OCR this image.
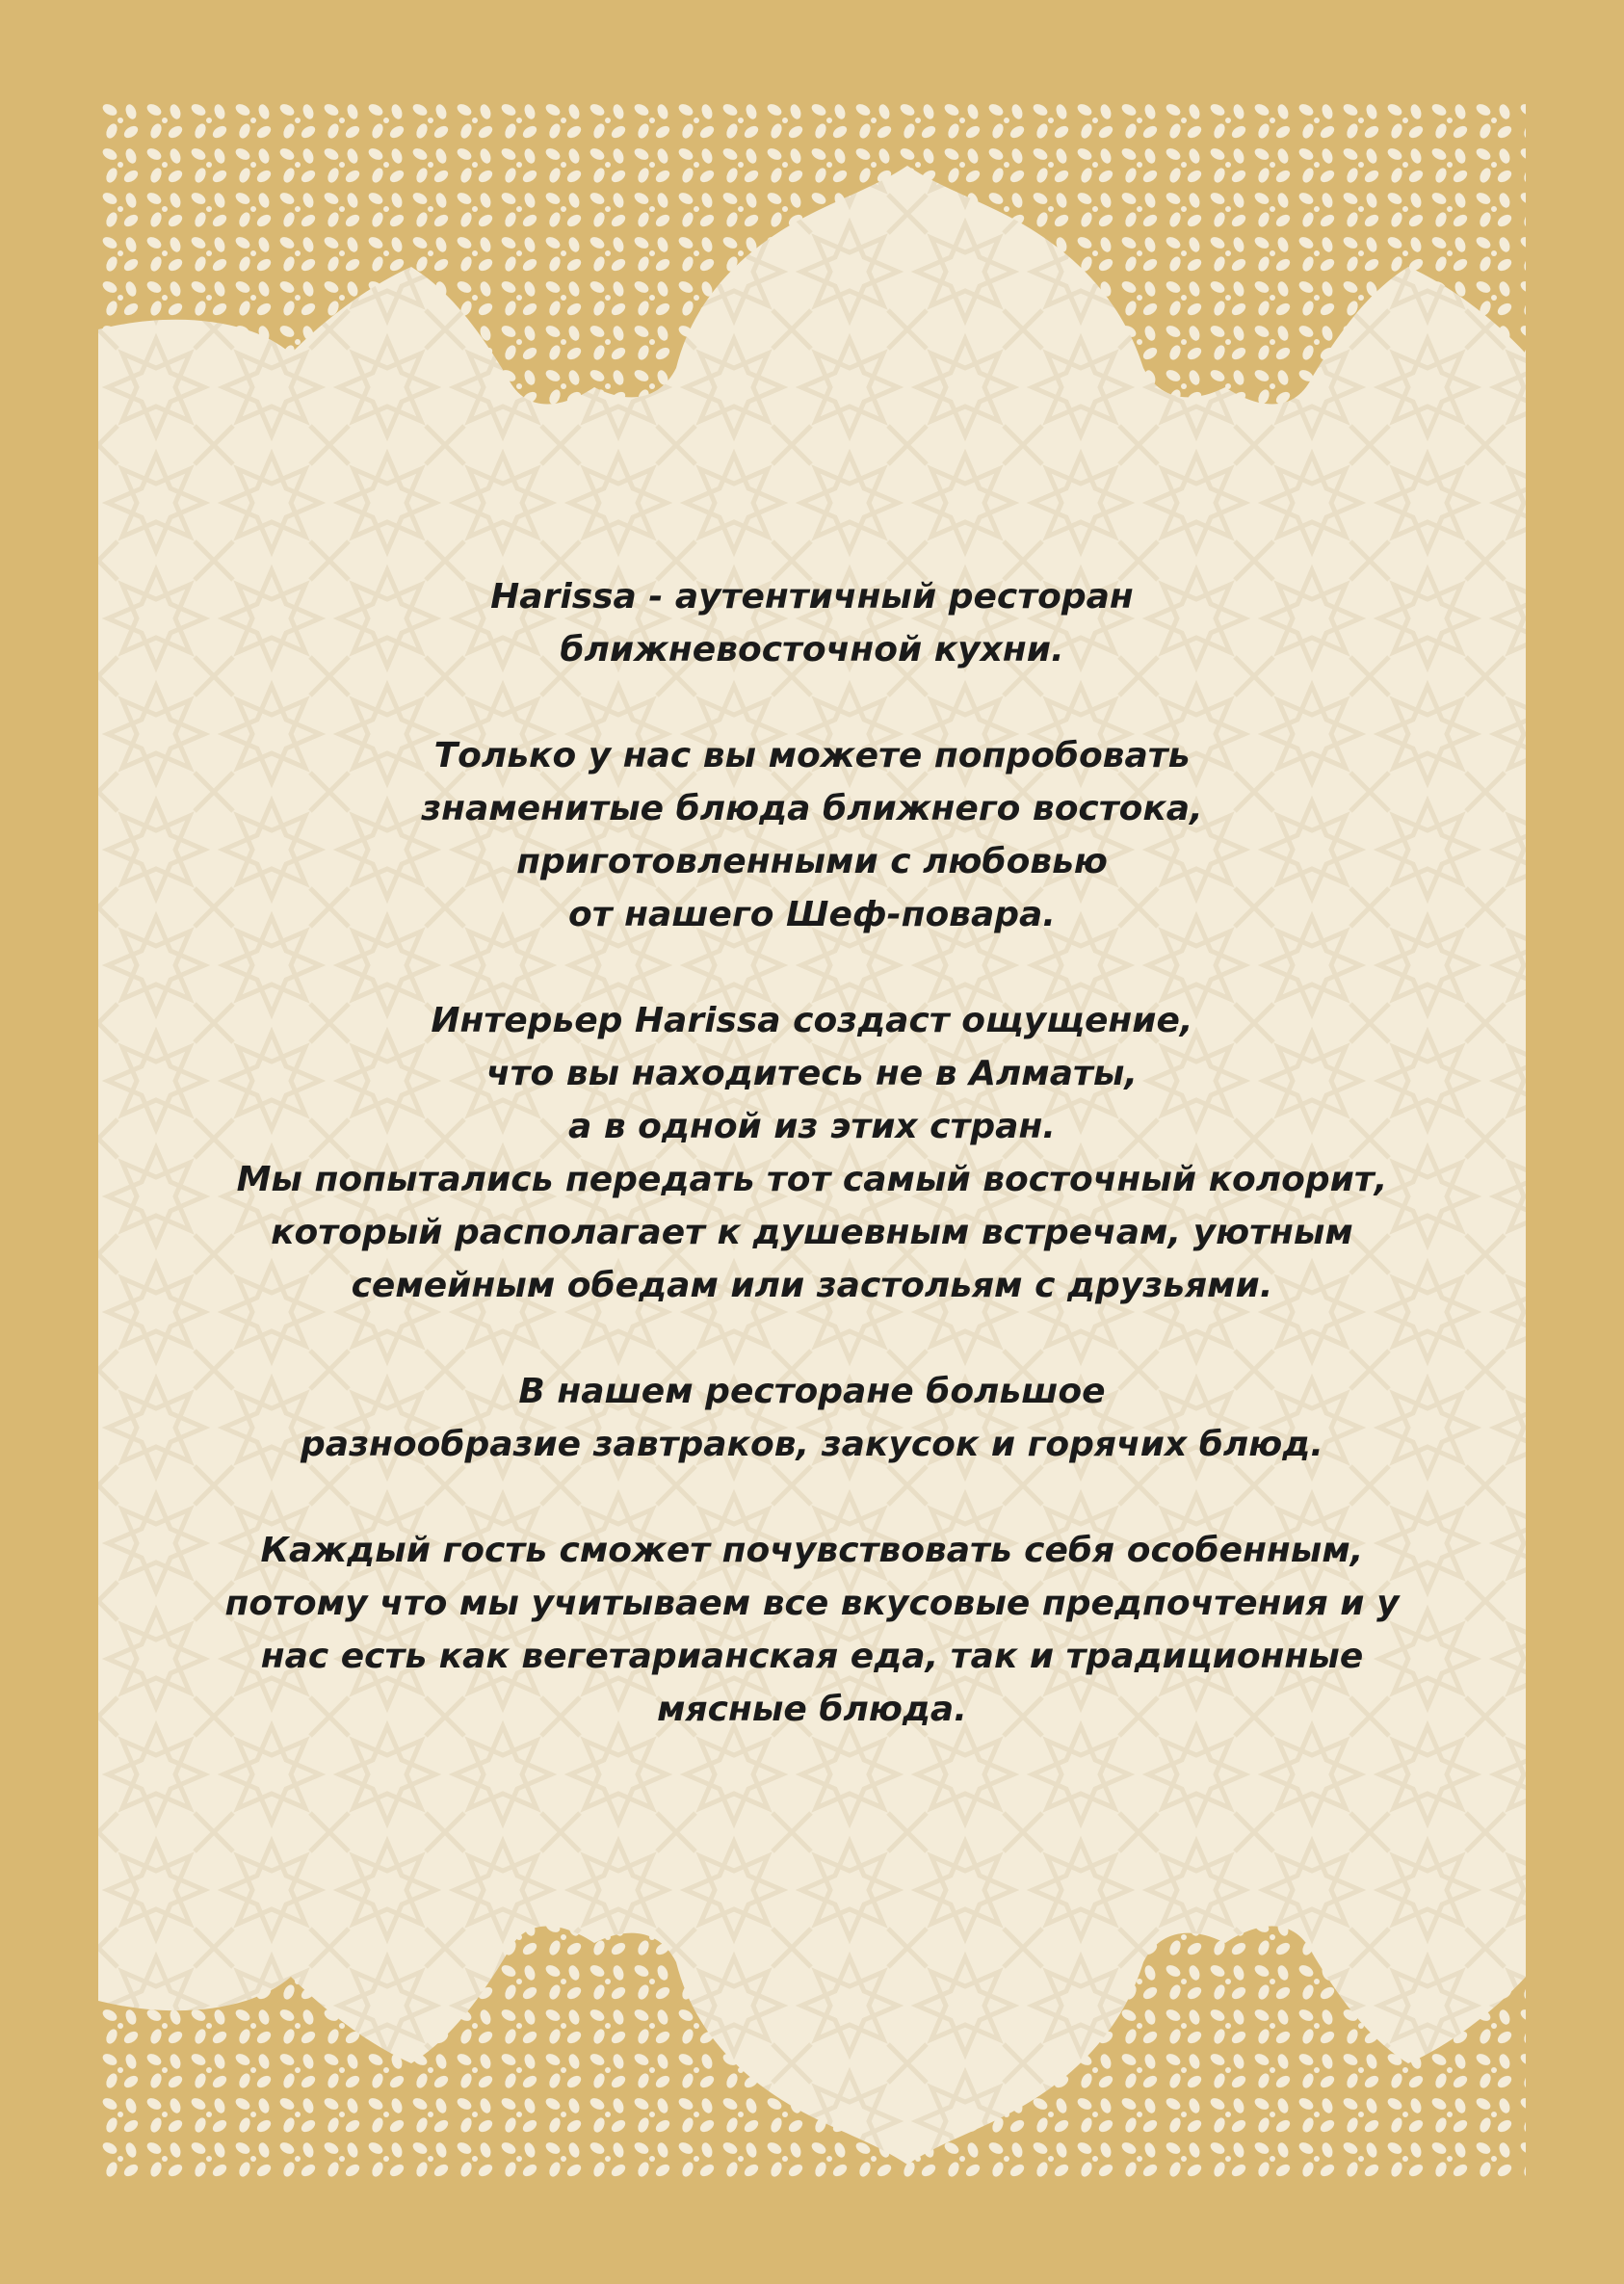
Harissa - аутентичный ресторан
ближневосточной кухни.

Только у нас вы можете попробовать
знаменитые блюда ближнего востока,
приготовленными с любовью
от нашего Шеф-повара.

Интерьер Harissa создаст ощущение,
что вы находитесь не в Алматы,
а в одной из этих стран.
Мы попытались передать тот самый восточный колорит,
который располагает к душевным встречам, уютным
семейным обедам или застольям с друзьями.

В нашем ресторане большое
разнообразие завтраков, закусок и горячих блюд.

Каждый гость сможет почувствовать себя особенным,
потому что мы учитываем все вкусовые предпочтения и у
нас есть как вегетарианская еда, так и традиционные
мясные блюда.
